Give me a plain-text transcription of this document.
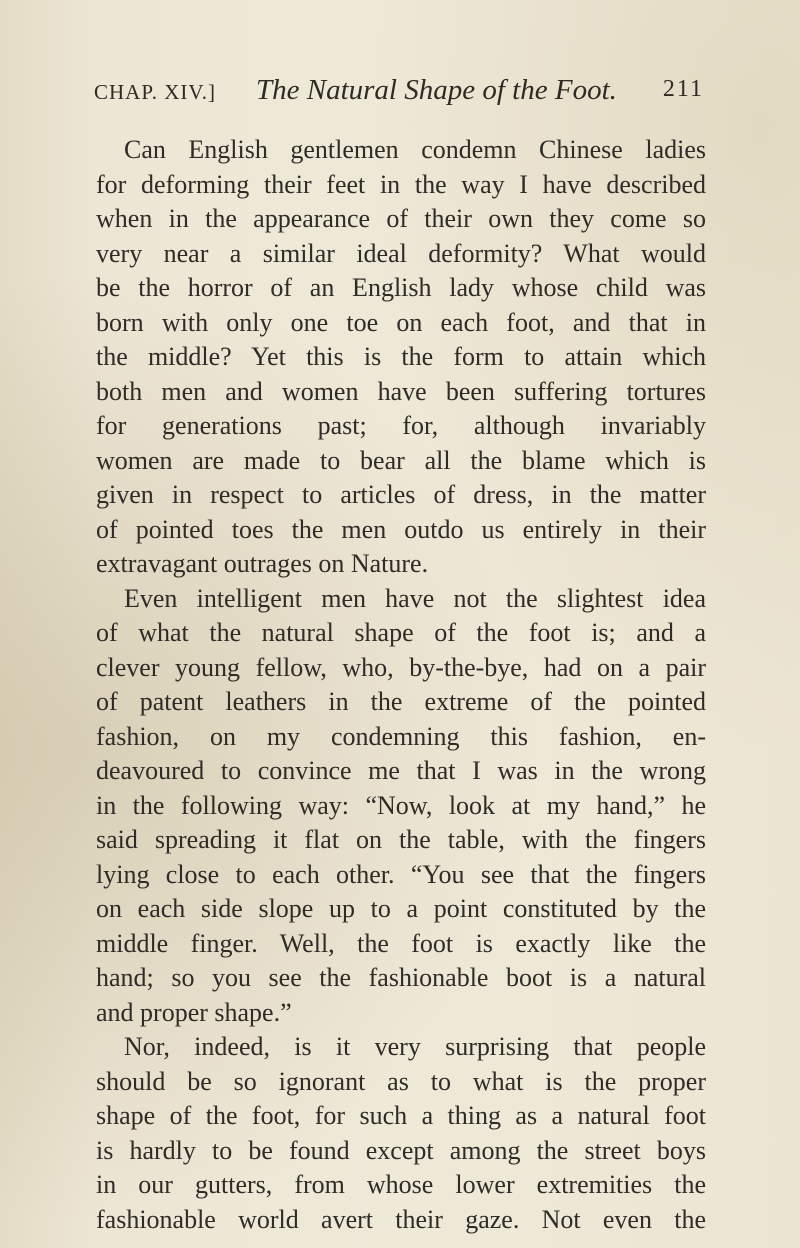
CHAP. XIV.] The Natural Shape of the Foot. 211
Can English gentlemen condemn Chinese ladies
for deforming their feet in the way I have described
when in the appearance of their own they come so
very near a similar ideal deformity? What would
be the horror of an English lady whose child was
born with only one toe on each foot, and that in
the middle? Yet this is the form to attain which
both men and women have been suffering tortures
for generations past; for, although invariably
women are made to bear all the blame which is
given in respect to articles of dress, in the matter
of pointed toes the men outdo us entirely in their
extravagant outrages on Nature.
Even intelligent men have not the slightest idea
of what the natural shape of the foot is; and a
clever young fellow, who, by-the-bye, had on a pair
of patent leathers in the extreme of the pointed
fashion, on my condemning this fashion, en-
deavoured to convince me that I was in the wrong
in the following way: “Now, look at my hand,” he
said spreading it flat on the table, with the fingers
lying close to each other. “You see that the fingers
on each side slope up to a point constituted by the
middle finger. Well, the foot is exactly like the
hand; so you see the fashionable boot is a natural
and proper shape.”
Nor, indeed, is it very surprising that people
should be so ignorant as to what is the proper
shape of the foot, for such a thing as a natural foot
is hardly to be found except among the street boys
in our gutters, from whose lower extremities the
fashionable world avert their gaze. Not even the
